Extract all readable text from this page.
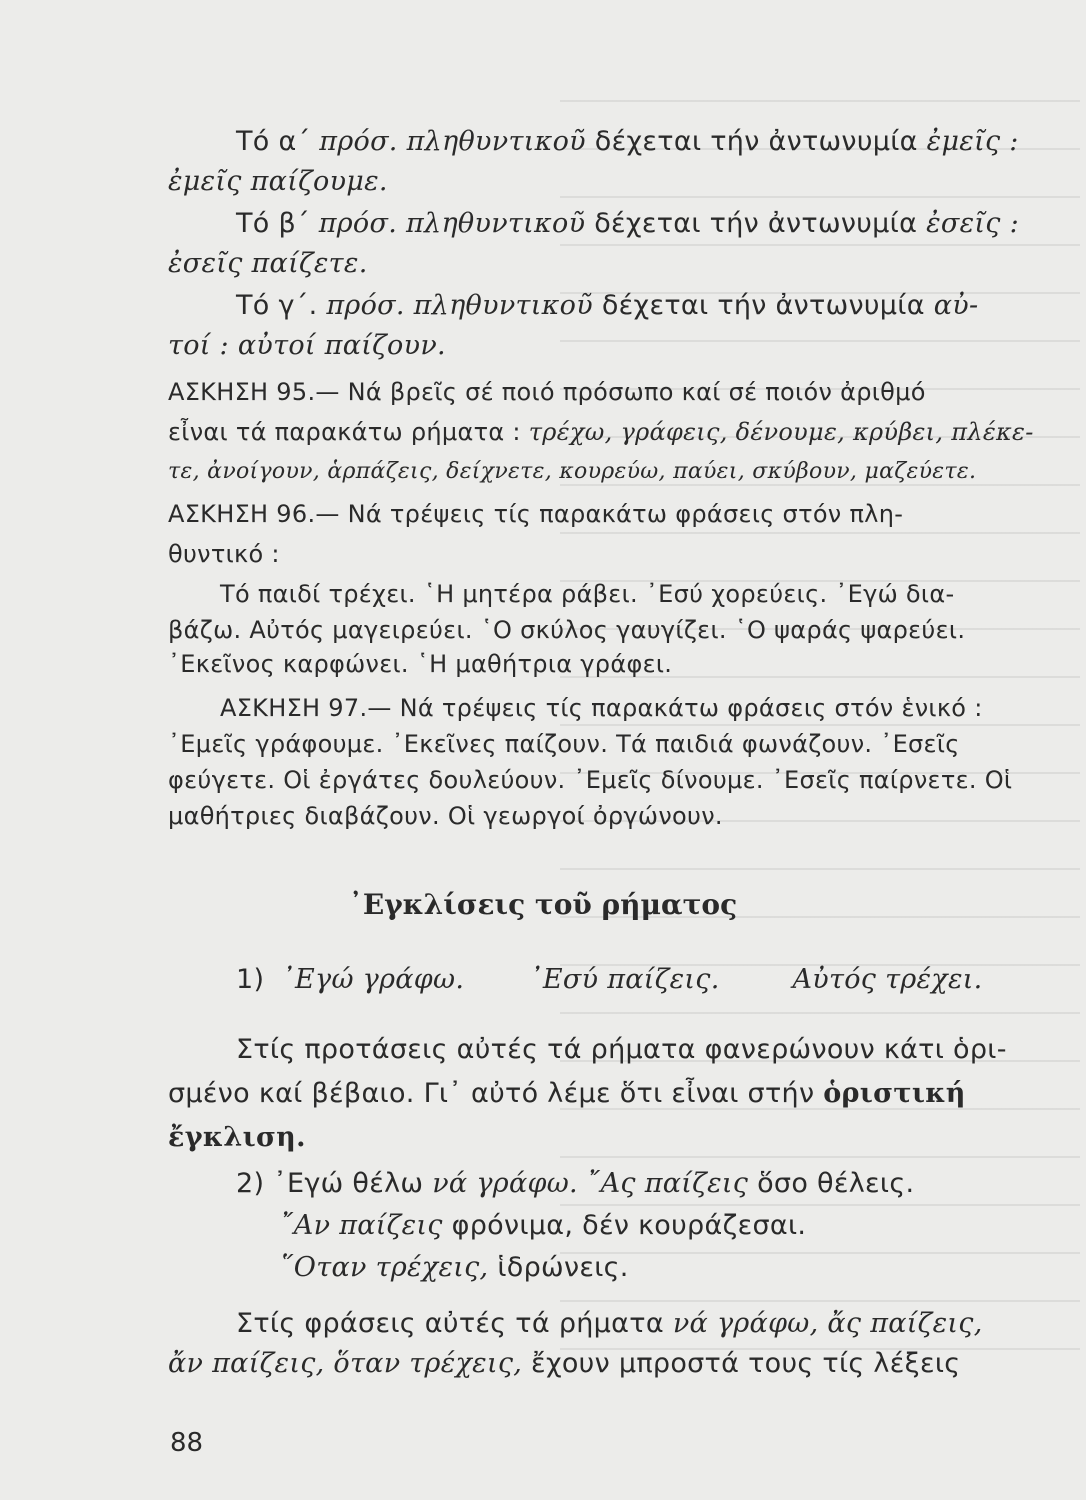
Τό α΄ πρόσ. πληθυντικοῦ δέχεται τήν ἀντωνυμία ἐμεῖς :
ἐμεῖς παίζουμε.
Τό β΄ πρόσ. πληθυντικοῦ δέχεται τήν ἀντωνυμία ἐσεῖς :
ἐσεῖς παίζετε.
Τό γ΄. πρόσ. πληθυντικοῦ δέχεται τήν ἀντωνυμία αὐ-
τοί : αὐτοί παίζουν.
ΑΣΚΗΣΗ 95.— Νά βρεῖς σέ ποιό πρόσωπο καί σέ ποιόν ἀριθμό
εἶναι τά παρακάτω ρήματα : τρέχω, γράφεις, δένουμε, κρύβει, πλέκε-
τε, ἀνοίγουν, ἁρπάζεις, δείχνετε, κουρεύω, παύει, σκύβουν, μαζεύετε.
ΑΣΚΗΣΗ 96.— Νά τρέψεις τίς παρακάτω φράσεις στόν πλη-
θυντικό :
Τό παιδί τρέχει. ῾Η μητέρα ράβει. ᾿Εσύ χορεύεις. ᾿Εγώ δια-
βάζω. Αὐτός μαγειρεύει. ῾Ο σκύλος γαυγίζει. ῾Ο ψαράς ψαρεύει.
᾿Εκεῖνος καρφώνει. ῾Η μαθήτρια γράφει.
ΑΣΚΗΣΗ 97.— Νά τρέψεις τίς παρακάτω φράσεις στόν ἑνικό :
᾿Εμεῖς γράφουμε. ᾿Εκεῖνες παίζουν. Τά παιδιά φωνάζουν. ᾿Εσεῖς
φεύγετε. Οἱ ἐργάτες δουλεύουν. ᾿Εμεῖς δίνουμε. ᾿Εσεῖς παίρνετε. Οἱ
μαθήτριες διαβάζουν. Οἱ γεωργοί ὀργώνουν.
᾿Εγκλίσεις τοῦ ρήματος
1) ᾿Εγώ γράφω. ᾿Εσύ παίζεις.	Αὐτός τρέχει.
Στίς προτάσεις αὐτές τά ρήματα φανερώνουν κάτι ὁρι-
σμένο καί βέβαιο. Γι᾿ αὐτό λέμε ὅτι εἶναι στήν ὁριστική
ἔγκλιση.
2) ᾿Εγώ θέλω νά γράφω. ῎Ας παίζεις ὅσο θέλεις.
῎Αν παίζεις φρόνιμα, δέν κουράζεσαι.
῞Οταν τρέχεις, ἱδρώνεις.
Στίς φράσεις αὐτές τά ρήματα νά γράφω, ἄς παίζεις,
ἄν παίζεις, ὅταν τρέχεις, ἔχουν μπροστά τους τίς λέξεις
88
